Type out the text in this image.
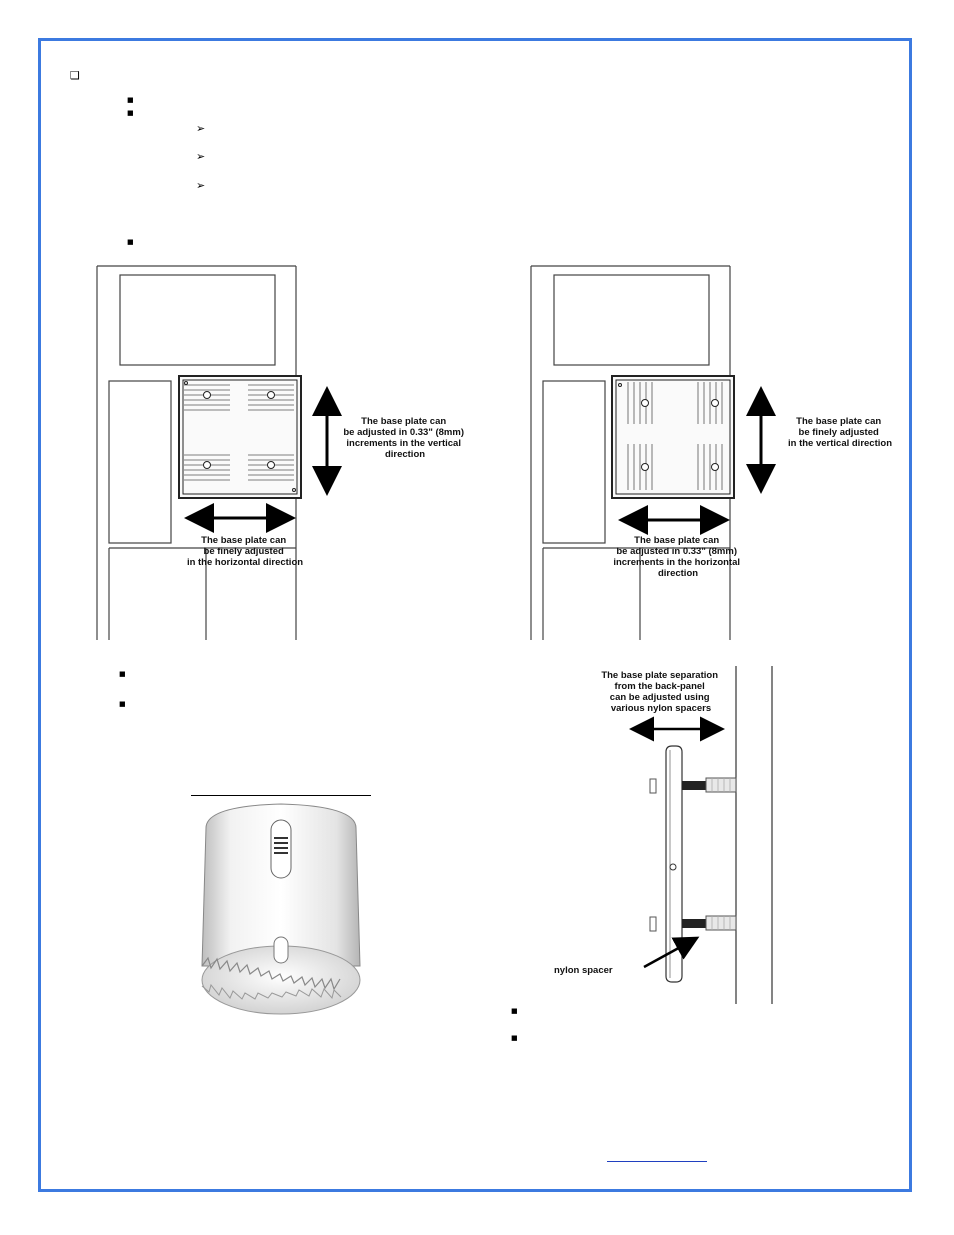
❑
■
■
➢
➢
➢
■
The base plate can be adjusted in 0.33" (8mm) increments in the vertical direction
The base plate can be finely adjusted in the horizontal direction
The base plate can be finely adjusted in the vertical direction
The base plate can be adjusted in 0.33" (8mm) increments in the horizontal direction
■
■
The base plate separation from the back-panel can be adjusted using various nylon spacers
nylon spacer
■
■
